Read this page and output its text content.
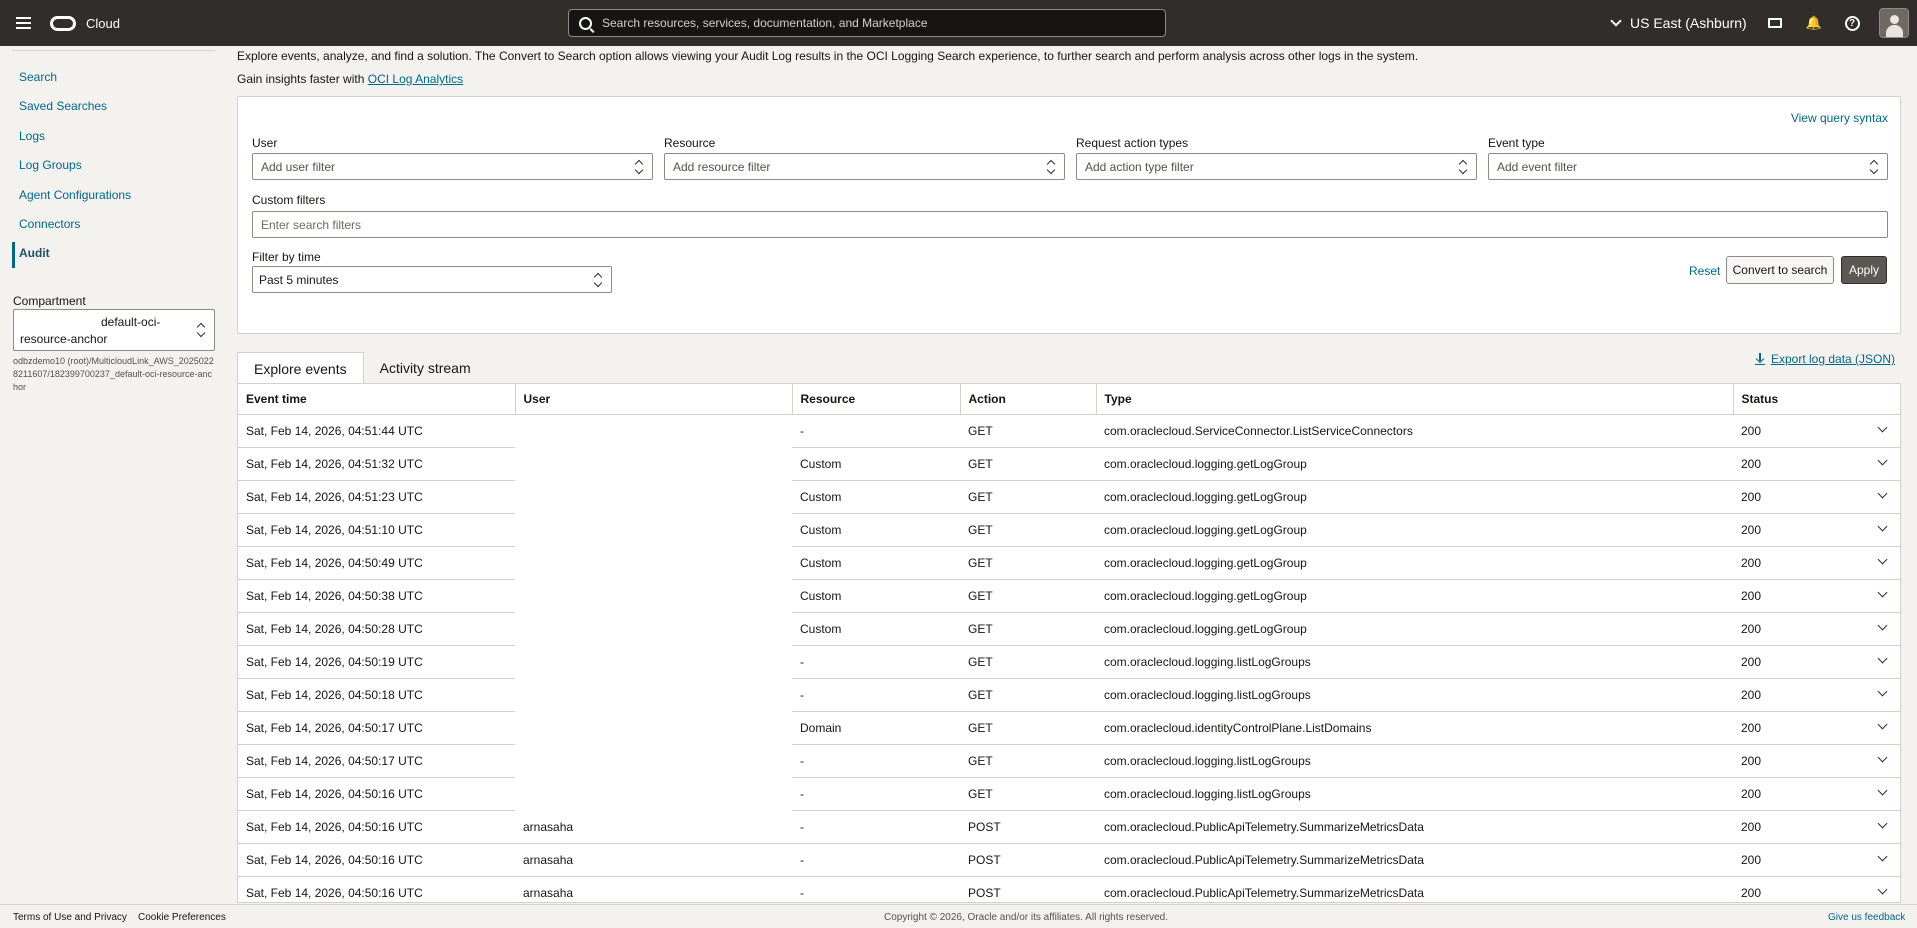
Cloud
Search resources, services, documentation, and Marketplace	US East (Ashburn)	🔔	?
Search
Saved Searches
Logs
Log Groups
Agent Configurations
Connectors
Audit
Compartment
default-oci-
resource-anchor
odbzdemo10 (root)/MulticloudLink_AWS_20250228211607/182399700237_default-oci-resource-anchor
Explore events, analyze, and find a solution. The Convert to Search option allows viewing your Audit Log results in the OCI Logging Search experience, to further search and perform analysis across other logs in the system.
Gain insights faster with OCI Log Analytics
View query syntax
User
Add user filter
Resource
Add resource filter
Request action types
Add action type filter
Event type
Add event filter
Custom filters
Enter search filters
Filter by time
Past 5 minutes
Reset	Convert to search	Apply
Explore events	Activity stream
Export log data (JSON)
Event time	User	Resource	Action	Type	Status
Sat, Feb 14, 2026, 04:51:44 UTC		-	GET	com.oraclecloud.ServiceConnector.ListServiceConnectors	200

Sat, Feb 14, 2026, 04:51:32 UTC		Custom	GET	com.oraclecloud.logging.getLogGroup	200

Sat, Feb 14, 2026, 04:51:23 UTC		Custom	GET	com.oraclecloud.logging.getLogGroup	200

Sat, Feb 14, 2026, 04:51:10 UTC		Custom	GET	com.oraclecloud.logging.getLogGroup	200

Sat, Feb 14, 2026, 04:50:49 UTC		Custom	GET	com.oraclecloud.logging.getLogGroup	200

Sat, Feb 14, 2026, 04:50:38 UTC		Custom	GET	com.oraclecloud.logging.getLogGroup	200

Sat, Feb 14, 2026, 04:50:28 UTC		Custom	GET	com.oraclecloud.logging.getLogGroup	200

Sat, Feb 14, 2026, 04:50:19 UTC		-	GET	com.oraclecloud.logging.listLogGroups	200

Sat, Feb 14, 2026, 04:50:18 UTC		-	GET	com.oraclecloud.logging.listLogGroups	200

Sat, Feb 14, 2026, 04:50:17 UTC		Domain	GET	com.oraclecloud.identityControlPlane.ListDomains	200

Sat, Feb 14, 2026, 04:50:17 UTC		-	GET	com.oraclecloud.logging.listLogGroups	200

Sat, Feb 14, 2026, 04:50:16 UTC		-	GET	com.oraclecloud.logging.listLogGroups	200

Sat, Feb 14, 2026, 04:50:16 UTC	arnasaha	-	POST	com.oraclecloud.PublicApiTelemetry.SummarizeMetricsData	200

Sat, Feb 14, 2026, 04:50:16 UTC	arnasaha	-	POST	com.oraclecloud.PublicApiTelemetry.SummarizeMetricsData	200

Sat, Feb 14, 2026, 04:50:16 UTC	arnasaha	-	POST	com.oraclecloud.PublicApiTelemetry.SummarizeMetricsData	200
Terms of Use and Privacy Cookie Preferences	Copyright © 2026, Oracle and/or its affiliates. All rights reserved.	Give us feedback
